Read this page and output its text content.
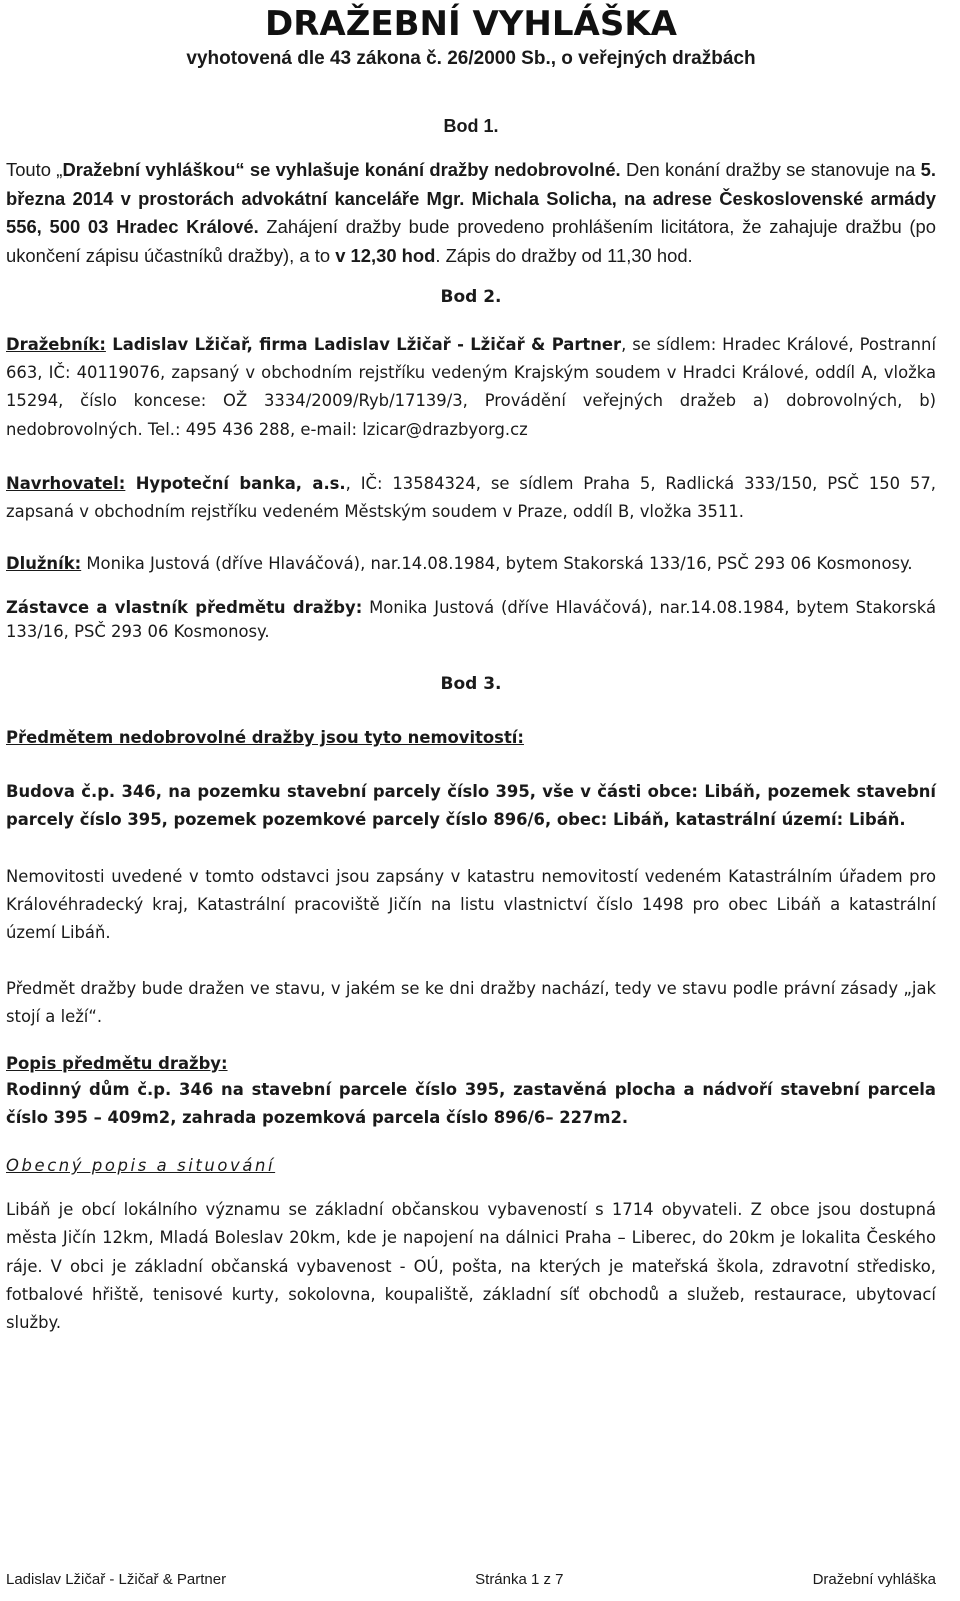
DRAŽEBNÍ VYHLÁŠKA
vyhotovená dle 43 zákona č. 26/2000 Sb., o veřejných dražbách
Bod 1.

Touto „Dražební vyhláškou“ se vyhlašuje konání dražby nedobrovolné. Den konání dražby se stanovuje na 5. března 2014 v prostorách advokátní kanceláře Mgr. Michala Solicha, na adrese Československé armády 556, 500 03 Hradec Králové. Zahájení dražby bude provedeno prohlášením licitátora, že zahajuje dražbu (po ukončení zápisu účastníků dražby), a to v 12,30 hod. Zápis do dražby od 11,30 hod.

Bod 2.

Dražebník: Ladislav Lžičař, firma Ladislav Lžičař - Lžičař & Partner, se sídlem: Hradec Králové, Postranní 663, IČ: 40119076, zapsaný v obchodním rejstříku vedeným Krajským soudem v Hradci Králové, oddíl A, vložka 15294, číslo koncese: OŽ 3334/2009/Ryb/17139/3, Provádění veřejných dražeb a) dobrovolných, b) nedobrovolných. Tel.: 495 436 288, e-mail: lzicar@drazbyorg.cz

Navrhovatel: Hypoteční banka, a.s., IČ: 13584324, se sídlem Praha 5, Radlická 333/150, PSČ 150 57, zapsaná v obchodním rejstříku vedeném Městským soudem v Praze, oddíl B, vložka 3511.

Dlužník: Monika Justová (dříve Hlaváčová), nar.14.08.1984, bytem Stakorská 133/16, PSČ 293 06 Kosmonosy.

Zástavce a vlastník předmětu dražby: Monika Justová (dříve Hlaváčová), nar.14.08.1984, bytem Stakorská 133/16, PSČ 293 06 Kosmonosy.

Bod 3.

Předmětem nedobrovolné dražby jsou tyto nemovitostí:

Budova č.p. 346, na pozemku stavební parcely číslo 395, vše v části obce: Libáň, pozemek stavební parcely číslo 395, pozemek pozemkové parcely číslo 896/6, obec: Libáň, katastrální území: Libáň.

Nemovitosti uvedené v tomto odstavci jsou zapsány v katastru nemovitostí vedeném Katastrálním úřadem pro Královéhradecký kraj, Katastrální pracoviště Jičín na listu vlastnictví číslo 1498 pro obec Libáň a katastrální území Libáň.

Předmět dražby bude dražen ve stavu, v jakém se ke dni dražby nachází, tedy ve stavu podle právní zásady „jak stojí a leží“.

Popis předmětu dražby:

Rodinný dům č.p. 346 na stavební parcele číslo 395, zastavěná plocha a nádvoří stavební parcela číslo 395 – 409m2, zahrada pozemková parcela číslo 896/6– 227m2.

Obecný popis a situování

Libáň je obcí lokálního významu se základní občanskou vybaveností s 1714 obyvateli. Z obce jsou dostupná města Jičín 12km, Mladá Boleslav 20km, kde je napojení na dálnici Praha – Liberec, do 20km je lokalita Českého ráje. V obci je základní občanská vybavenost - OÚ, pošta, na kterých je mateřská škola, zdravotní středisko, fotbalové hřiště, tenisové kurty, sokolovna, koupaliště, základní síť obchodů a služeb, restaurace, ubytovací služby.

Ladislav Lžičař - Lžičař & Partner	Stránka 1 z 7	Dražební vyhláška
